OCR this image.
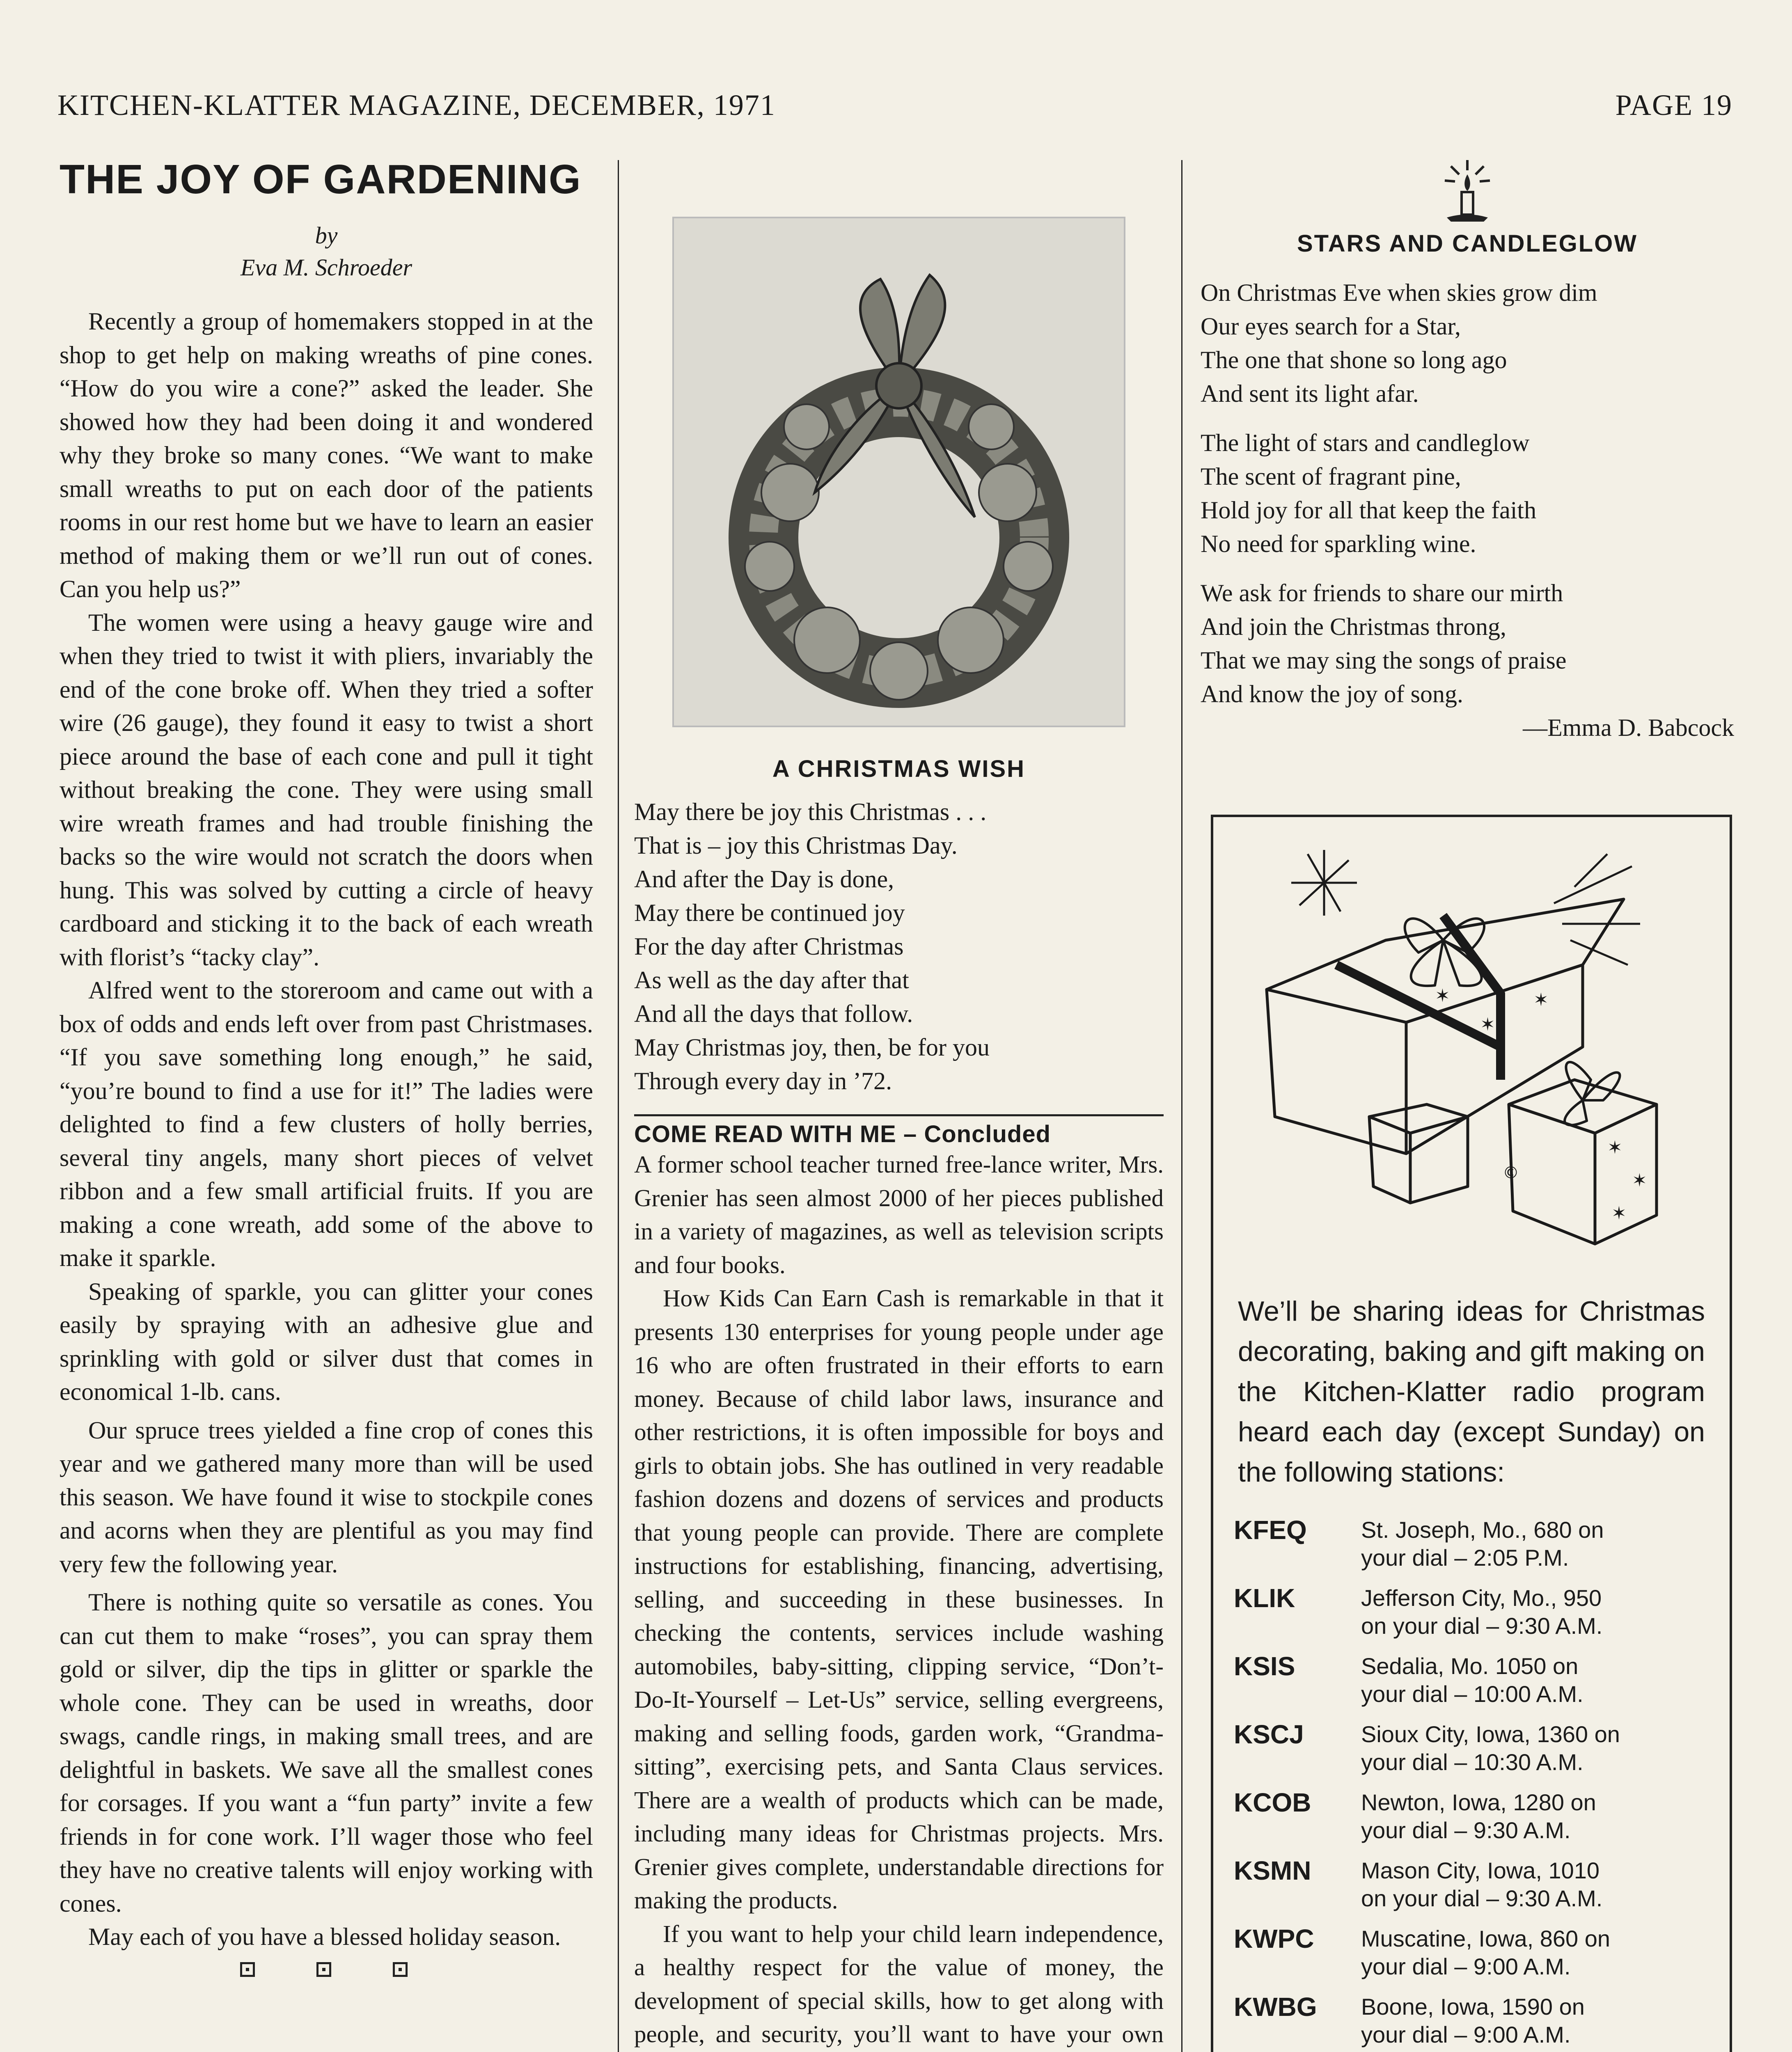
KITCHEN-KLATTER MAGAZINE, DECEMBER, 1971	PAGE 19
THE JOY OF GARDENING
by
Eva M. Schroeder

Recently a group of homemakers stopped in at the shop to get help on making wreaths of pine cones. “How do you wire a cone?” asked the leader. She showed how they had been doing it and wondered why they broke so many cones. “We want to make small wreaths to put on each door of the patients rooms in our rest home but we have to learn an easier method of making them or we’ll run out of cones. Can you help us?”

The women were using a heavy gauge wire and when they tried to twist it with pliers, invariably the end of the cone broke off. When they tried a softer wire (26 gauge), they found it easy to twist a short piece around the base of each cone and pull it tight without breaking the cone. They were using small wire wreath frames and had trouble finishing the backs so the wire would not scratch the doors when hung. This was solved by cutting a circle of heavy cardboard and sticking it to the back of each wreath with florist’s “tacky clay”.

Alfred went to the storeroom and came out with a box of odds and ends left over from past Christmases. “If you save something long enough,” he said, “you’re bound to find a use for it!” The ladies were delighted to find a few clusters of holly berries, several tiny angels, many short pieces of velvet ribbon and a few small artificial fruits. If you are making a cone wreath, add some of the above to make it sparkle.

Speaking of sparkle, you can glitter your cones easily by spraying with an adhesive glue and sprinkling with gold or silver dust that comes in economical 1-lb. cans.

Our spruce trees yielded a fine crop of cones this year and we gathered many more than will be used this season. We have found it wise to stockpile cones and acorns when they are plentiful as you may find very few the following year.

There is nothing quite so versatile as cones. You can cut them to make “roses”, you can spray them gold or silver, dip the tips in glitter or sparkle the whole cone. They can be used in wreaths, door swags, candle rings, in making small trees, and are delightful in baskets. We save all the smallest cones for corsages. If you want a “fun party” invite a few friends in for cone work. I’ll wager those who feel they have no creative talents will enjoy working with cones.

May each of you have a blessed holiday season.

A CHRISTMAS WISH
May there be joy this Christmas . . .
That is – joy this Christmas Day.
And after the Day is done,
May there be continued joy
For the day after Christmas
As well as the day after that
And all the days that follow.
May Christmas joy, then, be for you
Through every day in ’72.
COME READ WITH ME – Concluded

A former school teacher turned free-lance writer, Mrs. Grenier has seen almost 2000 of her pieces published in a variety of magazines, as well as television scripts and four books.

How Kids Can Earn Cash is remarkable in that it presents 130 enterprises for young people under age 16 who are often frustrated in their efforts to earn money. Because of child labor laws, insurance and other restrictions, it is often impossible for boys and girls to obtain jobs. She has outlined in very readable fashion dozens and dozens of services and products that young people can provide. There are complete instructions for establishing, financing, advertising, selling, and succeeding in these businesses. In checking the contents, services include washing automobiles, baby-sitting, clipping service, “Don’t-Do-It-Yourself – Let-Us” service, selling evergreens, making and selling foods, garden work, “Grandma-sitting”, exercising pets, and Santa Claus services. There are a wealth of products which can be made, including many ideas for Christmas projects. Mrs. Grenier gives complete, understandable directions for making the products.

If you want to help your child learn independence, a healthy respect for the value of money, the development of special skills, how to get along with people, and security, you’ll want to have your own

STARS AND CANDLEGLOW
On Christmas Eve when skies grow dim
Our eyes search for a Star,
The one that shone so long ago
And sent its light afar.
The light of stars and candleglow
The scent of fragrant pine,
Hold joy for all that keep the faith
No need for sparkling wine.
We ask for friends to share our mirth
And join the Christmas throng,
That we may sing the songs of praise
And know the joy of song.
—Emma D. Babcock
✶
✶
✶
✶
✶
✶
©
We’ll be sharing ideas for Christmas decorating, baking and gift making on the Kitchen-Klatter radio program heard each day (except Sunday) on the following stations:
KFEQ	St. Joseph, Mo., 680 on
your dial – 2:05 P.M.
KLIK	Jefferson City, Mo., 950
on your dial – 9:30 A.M.
KSIS	Sedalia, Mo. 1050 on
your dial – 10:00 A.M.
KSCJ	Sioux City, Iowa, 1360 on
your dial – 10:30 A.M.
KCOB	Newton, Iowa, 1280 on
your dial – 9:30 A.M.
KSMN	Mason City, Iowa, 1010
on your dial – 9:30 A.M.
KWPC	Muscatine, Iowa, 860 on
your dial – 9:00 A.M.
KWBG	Boone, Iowa, 1590 on
your dial – 9:00 A.M.
